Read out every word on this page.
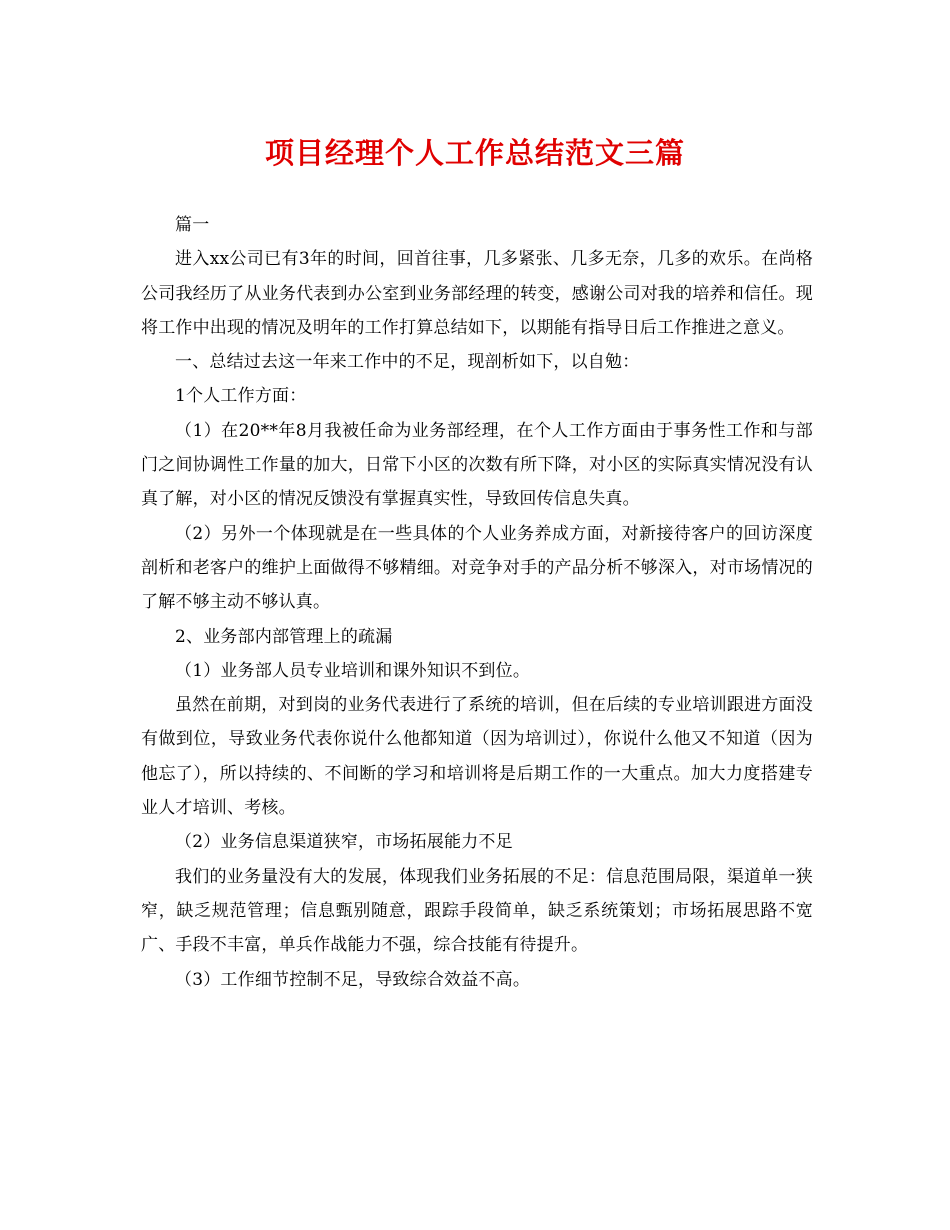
项目经理个人工作总结范文三篇

篇一

进入xx公司已有3年的时间，回首往事，几多紧张、几多无奈，几多的欢乐。在尚格公司我经历了从业务代表到办公室到业务部经理的转变，感谢公司对我的培养和信任。现将工作中出现的情况及明年的工作打算总结如下，以期能有指导日后工作推进之意义。

一、总结过去这一年来工作中的不足，现剖析如下，以自勉：

1个人工作方面：

（1）在20**年8月我被任命为业务部经理，在个人工作方面由于事务性工作和与部门之间协调性工作量的加大，日常下小区的次数有所下降，对小区的实际真实情况没有认真了解，对小区的情况反馈没有掌握真实性，导致回传信息失真。

（2）另外一个体现就是在一些具体的个人业务养成方面，对新接待客户的回访深度剖析和老客户的维护上面做得不够精细。对竞争对手的产品分析不够深入，对市场情况的了解不够主动不够认真。

2、业务部内部管理上的疏漏

（1）业务部人员专业培训和课外知识不到位。

虽然在前期，对到岗的业务代表进行了系统的培训，但在后续的专业培训跟进方面没有做到位，导致业务代表你说什么他都知道（因为培训过），你说什么他又不知道（因为他忘了），所以持续的、不间断的学习和培训将是后期工作的一大重点。加大力度搭建专业人才培训、考核。

（2）业务信息渠道狭窄，市场拓展能力不足

我们的业务量没有大的发展，体现我们业务拓展的不足：信息范围局限，渠道单一狭窄，缺乏规范管理；信息甄别随意，跟踪手段简单，缺乏系统策划；市场拓展思路不宽广、手段不丰富，单兵作战能力不强，综合技能有待提升。

（3）工作细节控制不足，导致综合效益不高。
